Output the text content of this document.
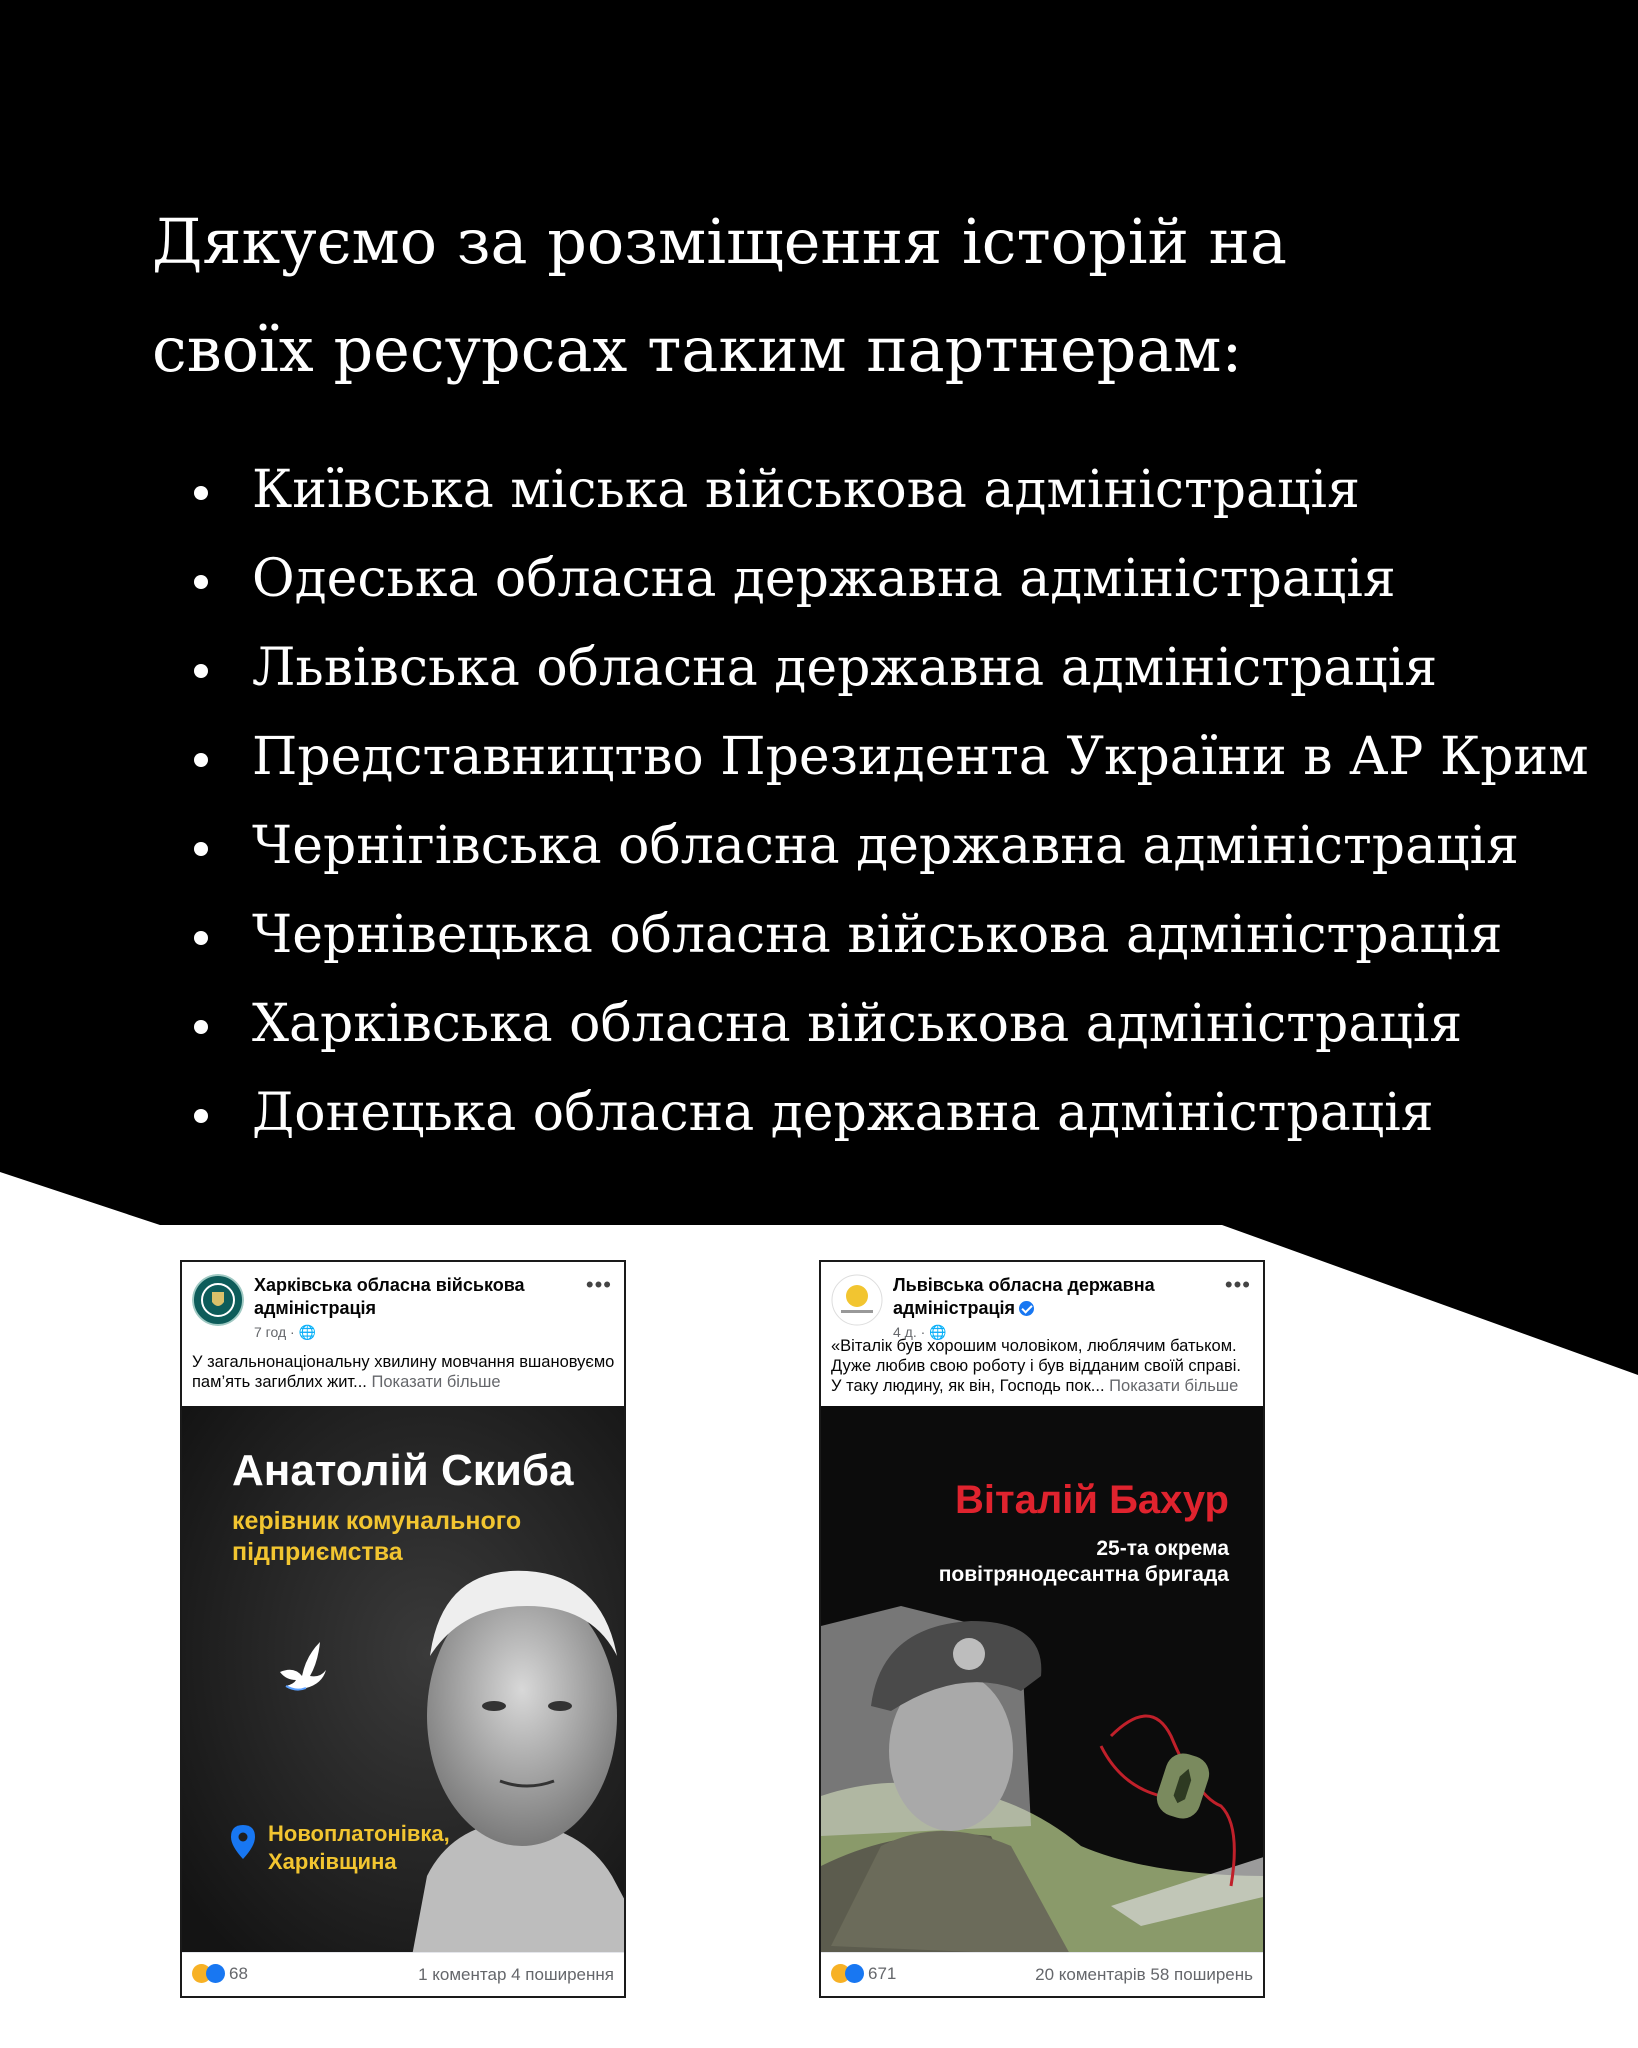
Дякуємо за розміщення історій на своїх ресурсах таким партнерам:
Київська міська військова адміністрація
Одеська обласна державна адміністрація
Львівська обласна державна адміністрація
Представництво Президента України в АР Крим
Чернігівська обласна державна адміністрація
Чернівецька обласна військова адміністрація
Харківська обласна військова адміністрація
Донецька обласна державна адміністрація
Харківська обласна військова адміністрація
7 год · 🌐
•••
У загальнонаціональну хвилину мовчання вшановуємо пам’ять загиблих жит... Показати більше
Анатолій Скиба
керівник комунального підприємства
Новоплатонівка, Харківщина
68	1 коментар 4 поширення
Львівська обласна державна адміністрація
4 д. · 🌐
•••
«Віталік був хорошим чоловіком, люблячим батьком. Дуже любив свою роботу і був відданим своїй справі. У таку людину, як він, Господь пок... Показати більше
Віталій Бахур
25-та окрема повітрянодесантна бригада
671	20 коментарів 58 поширень
